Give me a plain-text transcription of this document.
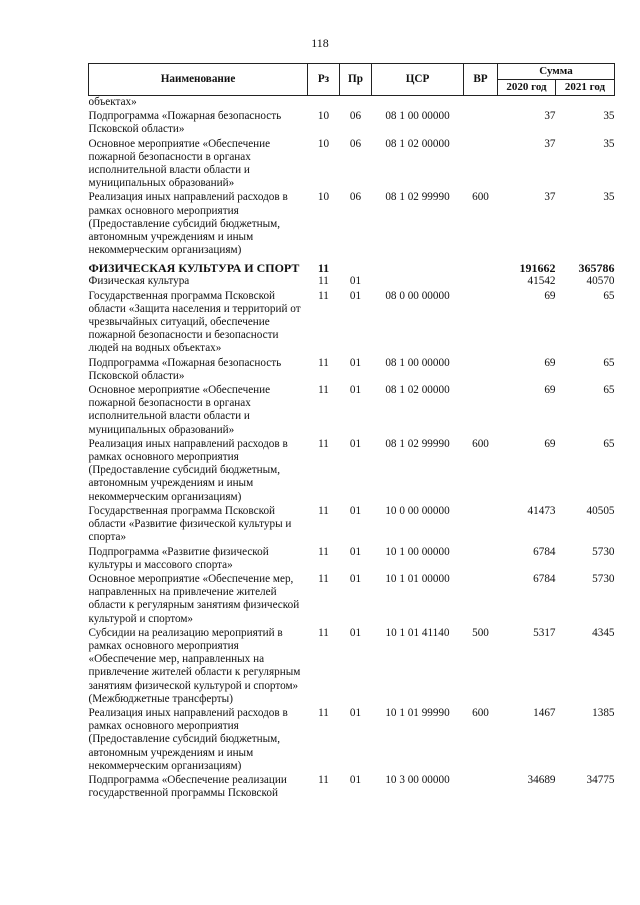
118
Наименование	Рз	Пр	ЦСР	ВР	Сумма	
					2020 год	2021 год
объектах»						
Подпрограмма «Пожарная безопасность Псковской области»	10	06	08 1 00 00000		37	35
Основное мероприятие «Обеспечение пожарной безопасности в органах исполнительной власти области и муниципальных образований»	10	06	08 1 02 00000		37	35
Реализация иных направлений расходов в рамках основного мероприятия (Предоставление субсидий бюджетным, автономным учреждениям и иным некоммерческим организациям)	10	06	08 1 02 99990	600	37	35
ФИЗИЧЕСКАЯ КУЛЬТУРА И СПОРТ	11				191662	365786
Физическая культура	11	01			41542	40570
Государственная программа Псковской области «Защита населения и территорий от чрезвычайных ситуаций, обеспечение пожарной безопасности и безопасности людей на водных объектах»	11	01	08 0 00 00000		69	65
Подпрограмма «Пожарная безопасность Псковской области»	11	01	08 1 00 00000		69	65
Основное мероприятие «Обеспечение пожарной безопасности в органах исполнительной власти области и муниципальных образований»	11	01	08 1 02 00000		69	65
Реализация иных направлений расходов в рамках основного мероприятия (Предоставление субсидий бюджетным, автономным учреждениям и иным некоммерческим организациям)	11	01	08 1 02 99990	600	69	65
Государственная программа Псковской области «Развитие физической культуры и спорта»	11	01	10 0 00 00000		41473	40505
Подпрограмма «Развитие физической культуры и массового спорта»	11	01	10 1 00 00000		6784	5730
Основное мероприятие «Обеспечение мер, направленных на привлечение жителей области к регулярным занятиям физической культурой и спортом»	11	01	10 1 01 00000		6784	5730
Субсидии на реализацию мероприятий в рамках основного мероприятия «Обеспечение мер, направленных на привлечение жителей области к регулярным занятиям физической культурой и спортом» (Межбюджетные трансферты)	11	01	10 1 01 41140	500	5317	4345
Реализация иных направлений расходов в рамках основного мероприятия (Предоставление субсидий бюджетным, автономным учреждениям и иным некоммерческим организациям)	11	01	10 1 01 99990	600	1467	1385
Подпрограмма «Обеспечение реализации государственной программы Псковской	11	01	10 3 00 00000		34689	34775
